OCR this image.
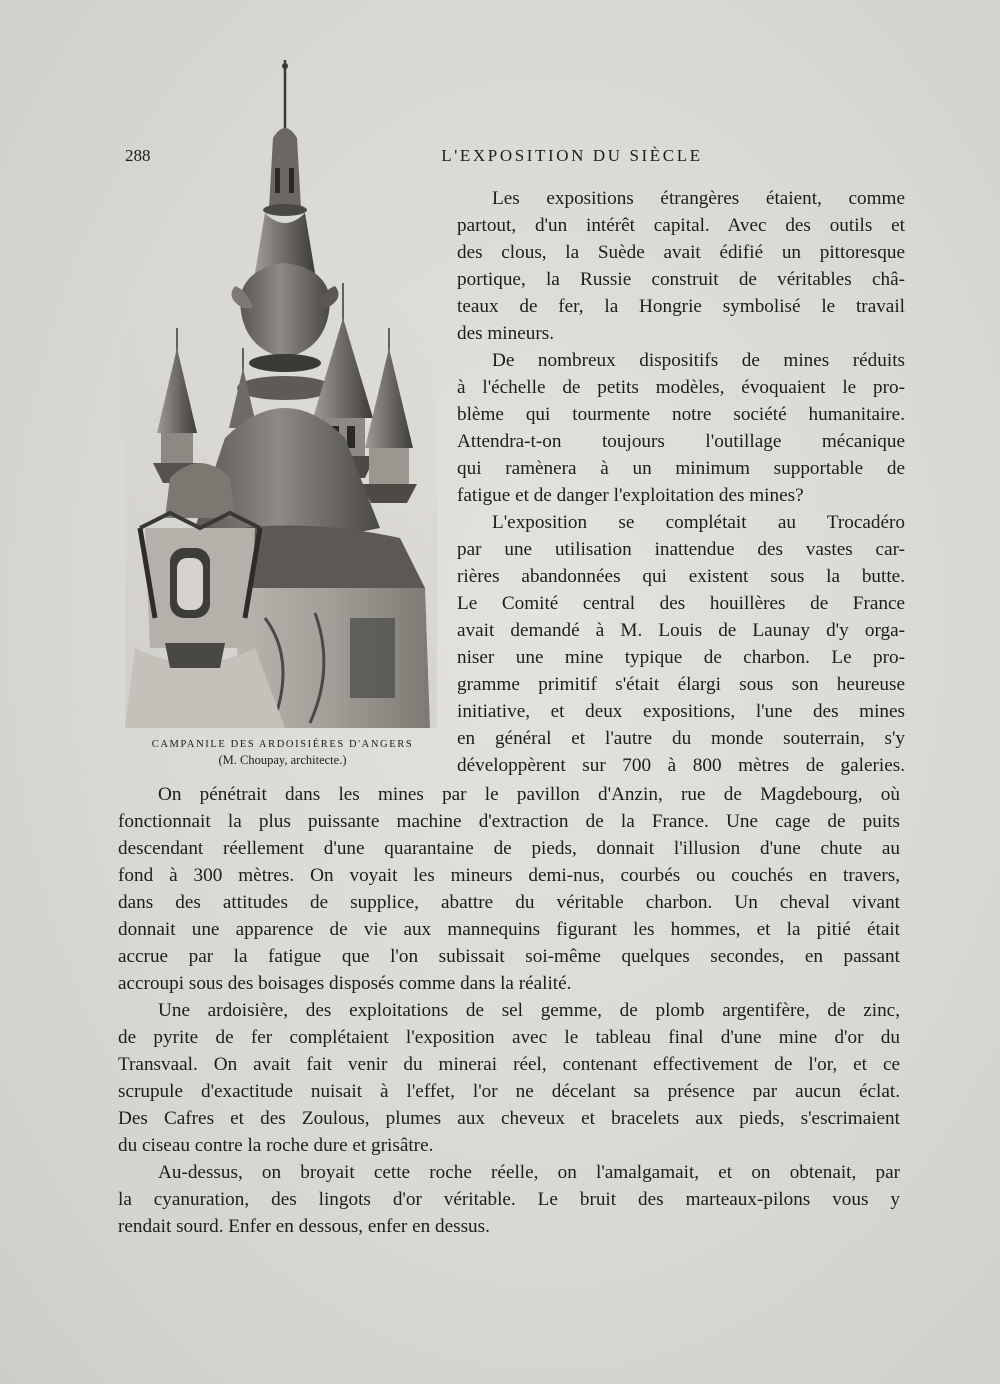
L'EXPOSITION DU SIÈCLE
CAMPANILE DES ARDOISIÈRES D'ANGERS
(M. Choupay, architecte.)
Les expositions étrangères étaient, comme
partout, d'un intérêt capital. Avec des outils et
des clous, la Suède avait édifié un pittoresque
portique, la Russie construit de véritables châ-
teaux de fer, la Hongrie symbolisé le travail
des mineurs.
De nombreux dispositifs de mines réduits
à l'échelle de petits modèles, évoquaient le pro-
blème qui tourmente notre société humanitaire.
Attendra-t-on toujours l'outillage mécanique
qui ramènera à un minimum supportable de
fatigue et de danger l'exploitation des mines?
L'exposition se complétait au Trocadéro
par une utilisation inattendue des vastes car-
rières abandonnées qui existent sous la butte.
Le Comité central des houillères de France
avait demandé à M. Louis de Launay d'y orga-
niser une mine typique de charbon. Le pro-
gramme primitif s'était élargi sous son heureuse
initiative, et deux expositions, l'une des mines
en général et l'autre du monde souterrain, s'y
développèrent sur 700 à 800 mètres de galeries.
On pénétrait dans les mines par le pavillon d'Anzin, rue de Magdebourg, où
fonctionnait la plus puissante machine d'extraction de la France. Une cage de puits
descendant réellement d'une quarantaine de pieds, donnait l'illusion d'une chute au
fond à 300 mètres. On voyait les mineurs demi-nus, courbés ou couchés en travers,
dans des attitudes de supplice, abattre du véritable charbon. Un cheval vivant
donnait une apparence de vie aux mannequins figurant les hommes, et la pitié était
accrue par la fatigue que l'on subissait soi-même quelques secondes, en passant
accroupi sous des boisages disposés comme dans la réalité.
Une ardoisière, des exploitations de sel gemme, de plomb argentifère, de zinc,
de pyrite de fer complétaient l'exposition avec le tableau final d'une mine d'or du
Transvaal. On avait fait venir du minerai réel, contenant effectivement de l'or, et ce
scrupule d'exactitude nuisait à l'effet, l'or ne décelant sa présence par aucun éclat.
Des Cafres et des Zoulous, plumes aux cheveux et bracelets aux pieds, s'escrimaient
du ciseau contre la roche dure et grisâtre.
Au-dessus, on broyait cette roche réelle, on l'amalgamait, et on obtenait, par
la cyanuration, des lingots d'or véritable. Le bruit des marteaux-pilons vous y
rendait sourd. Enfer en dessous, enfer en dessus.
